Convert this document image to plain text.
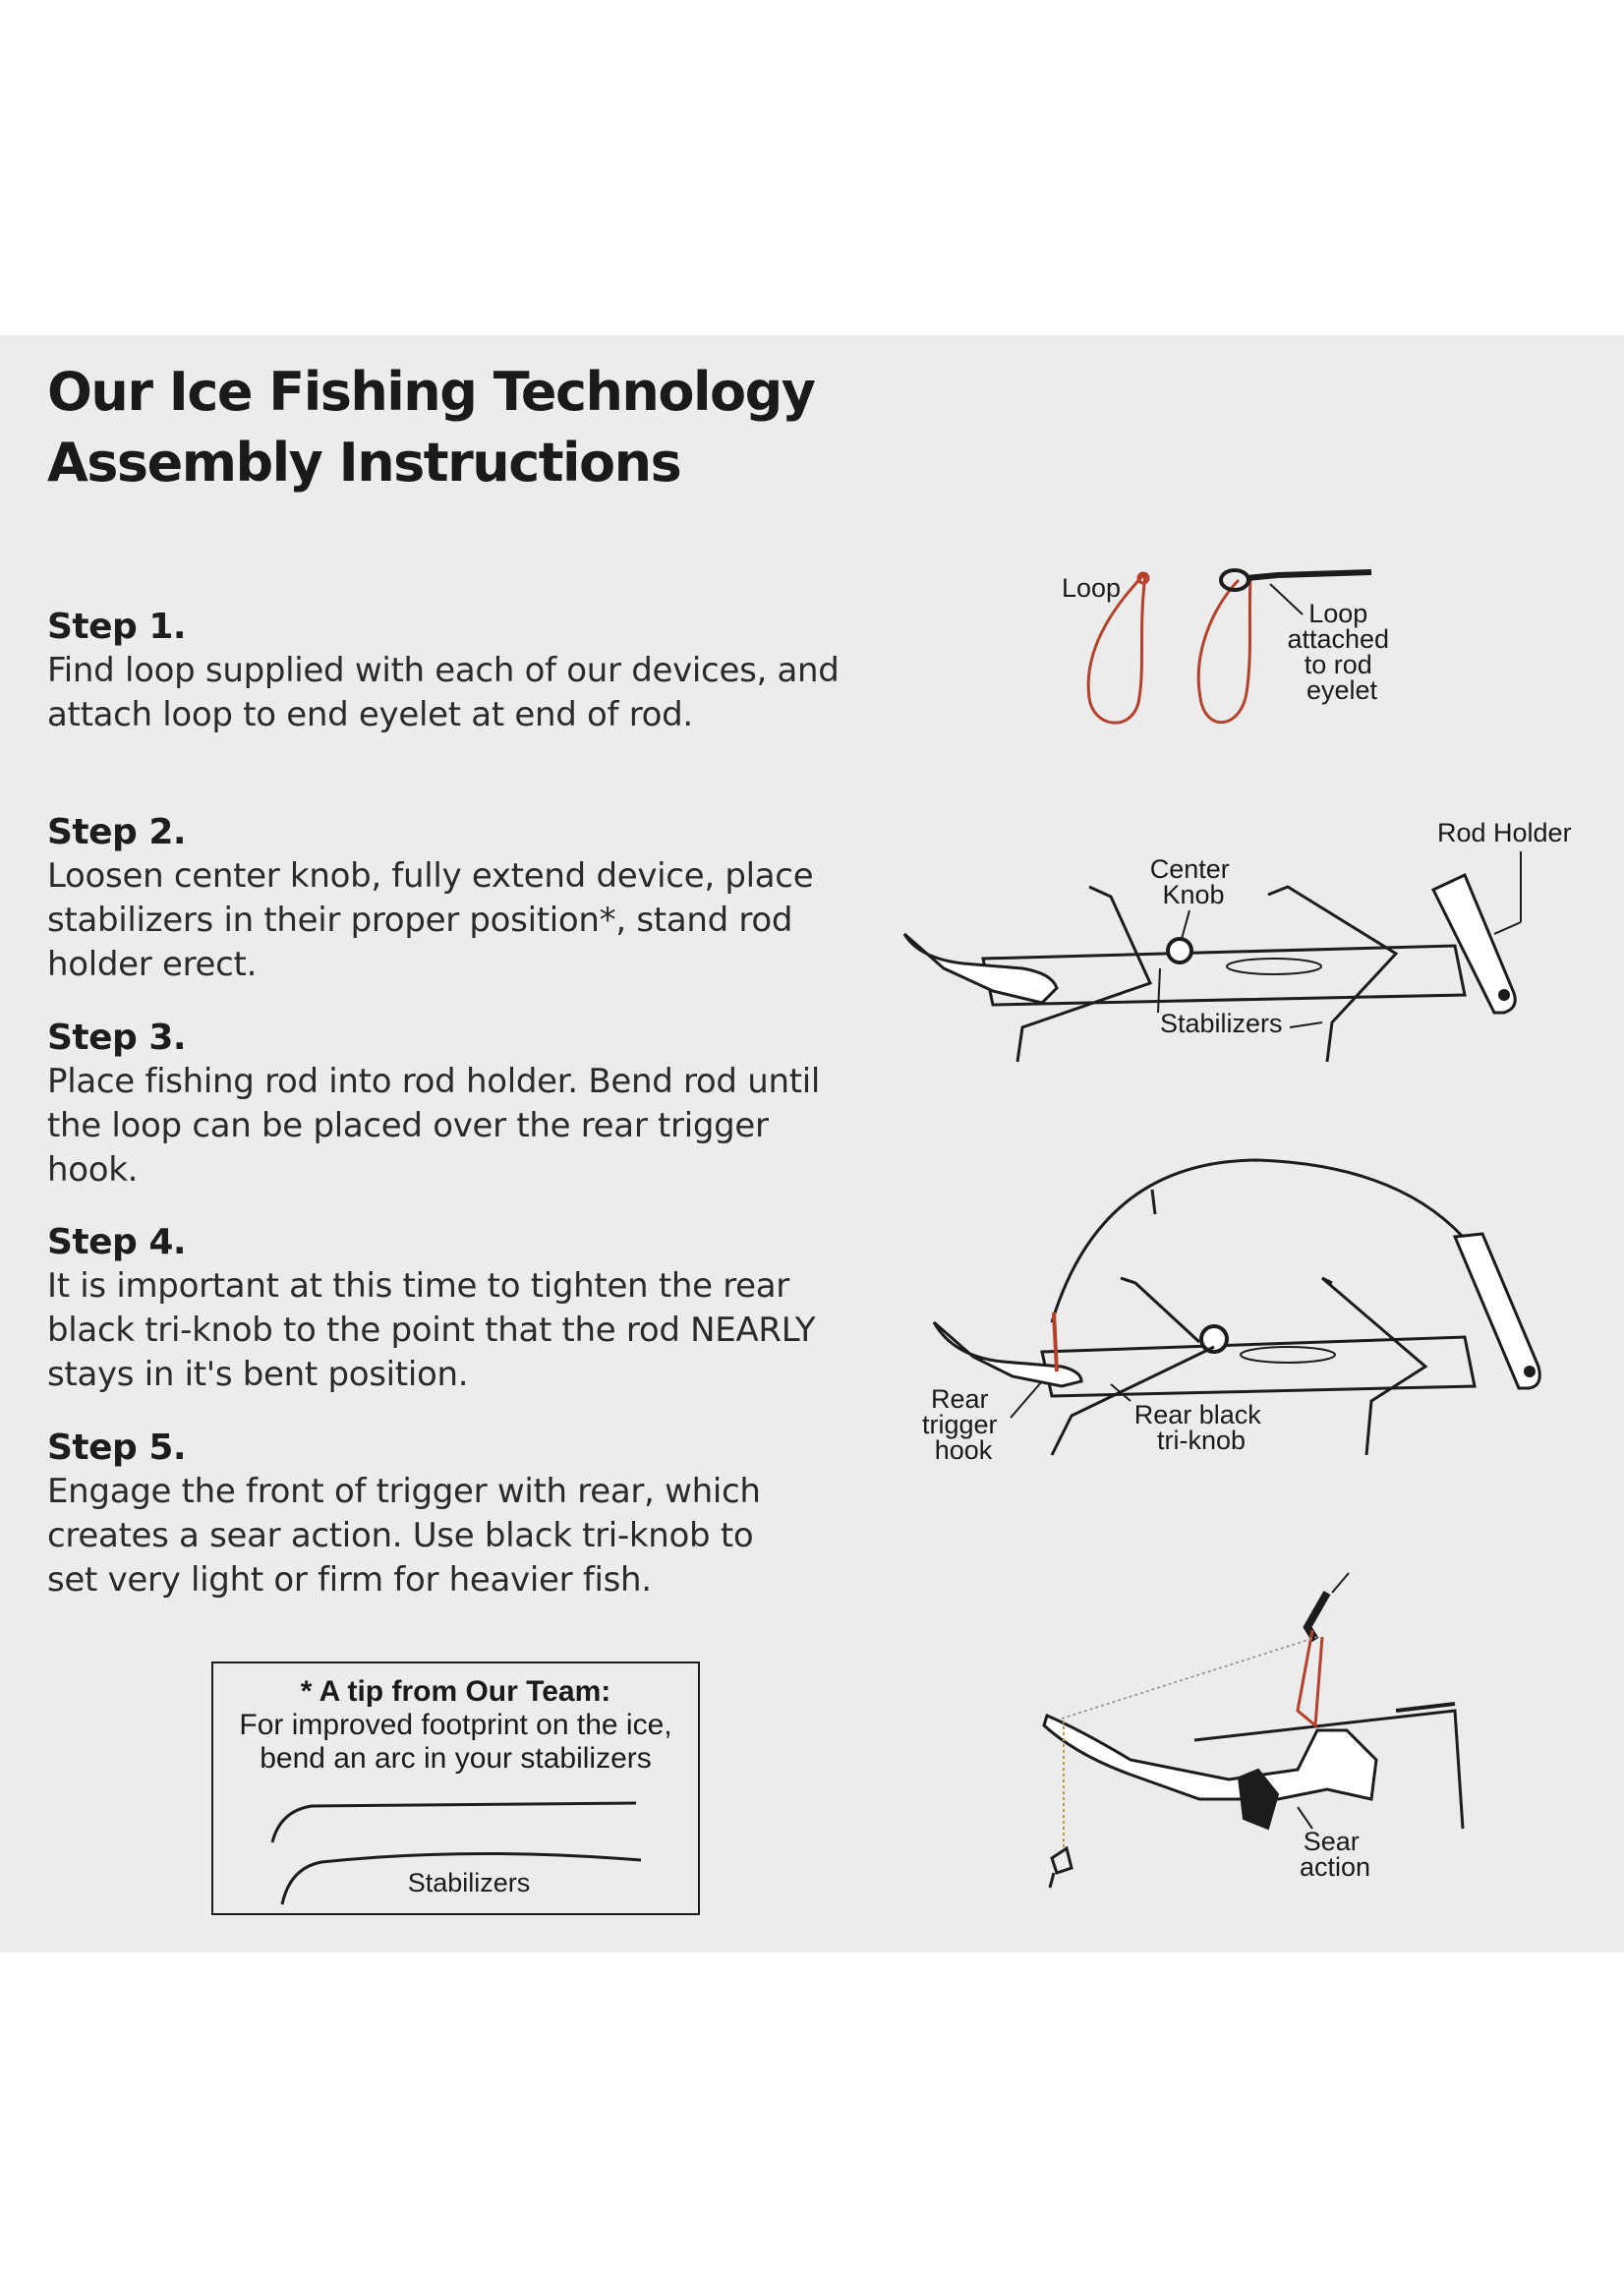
Our Ice Fishing Technology
Assembly Instructions
Step 1.

Find loop supplied with each of our devices, and
attach loop to end eyelet at end of rod.

Step 2.

Loosen center knob, fully extend device, place
stabilizers in their proper position*, stand rod
holder erect.

Step 3.

Place fishing rod into rod holder. Bend rod until
the loop can be placed over the rear trigger
hook.

Step 4.

It is important at this time to tighten the rear
black tri-knob to the point that the rod NEARLY
stays in it's bent position.

Step 5.

Engage the front of trigger with rear, which
creates a sear action. Use black tri-knob to
set very light or firm for heavier fish.

* A tip from Our Team:

For improved footprint on the ice,

bend an arc in your stabilizers

Stabilizers
Loop
Loop attached to rod eyelet
Rod Holder
Center Knob
Stabilizers
Rear trigger hook
Rear black tri-knob
Sear action
